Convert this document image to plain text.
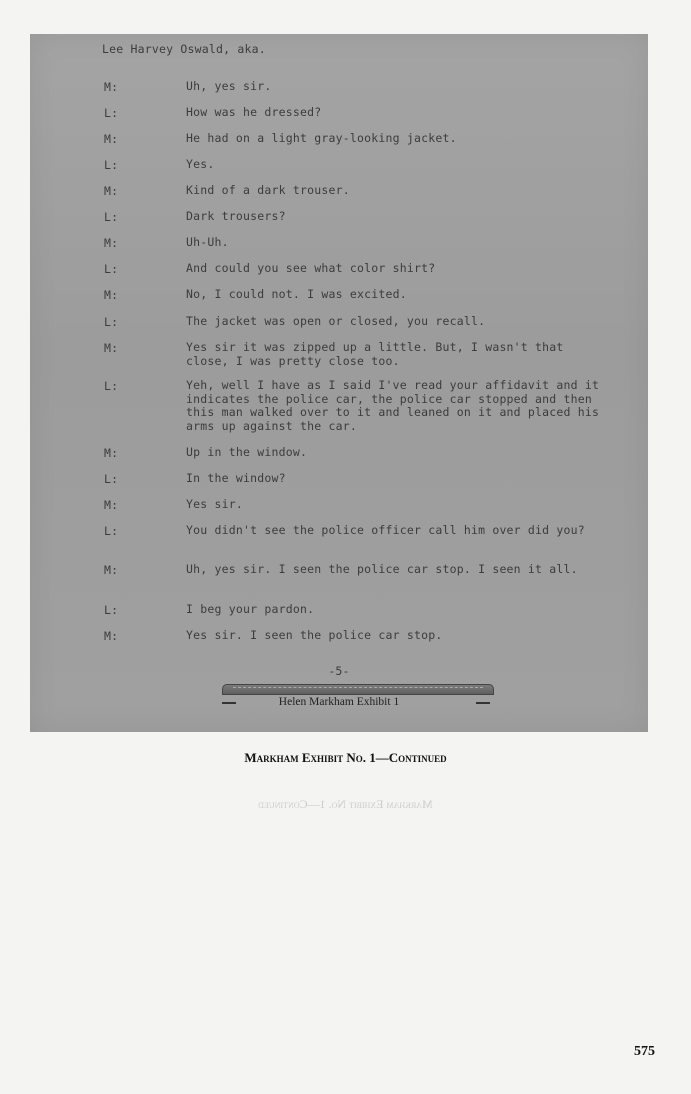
Lee Harvey Oswald, aka.
M:	Uh, yes sir.
L:	How was he dressed?
M:	He had on a light gray-looking jacket.
L:	Yes.
M:	Kind of a dark trouser.
L:	Dark trousers?
M:	Uh-Uh.
L:	And could you see what color shirt?
M:	No, I could not. I was excited.
L:	The jacket was open or closed, you recall.
M:	Yes sir it was zipped up a little. But, I wasn't that close, I was pretty close too.
L:	Yeh, well I have as I said I've read your affidavit and it indicates the police car, the police car stopped and then this man walked over to it and leaned on it and placed his arms up against the car.
M:	Up in the window.
L:	In the window?
M:	Yes sir.
L:	You didn't see the police officer call him over did you?
M:	Uh, yes sir. I seen the police car stop. I seen it all.
L:	I beg your pardon.
M:	Yes sir. I seen the police car stop.
-5-
Helen Markham Exhibit 1
Markham Exhibit No. 1—Continued
Markham Exhibit No. 1—Continued
575
